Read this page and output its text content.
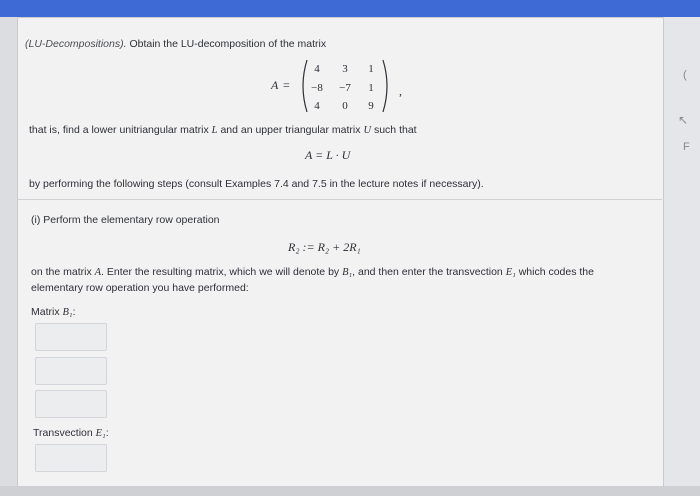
(
↖
F
(LU-Decompositions). Obtain the LU-decomposition of the matrix
A =
4	3	1
−8	−7	1
4	0	9
,
that is, find a lower unitriangular matrix L and an upper triangular matrix U such that
A = L · U
by performing the following steps (consult Examples 7.4 and 7.5 in the lecture notes if necessary).
(i) Perform the elementary row operation
R₂ := R₂ + 2R₁
on the matrix A. Enter the resulting matrix, which we will denote by B₁, and then enter the transvection E₁ which codes the
elementary row operation you have performed:
Matrix B₁:
Transvection E₁:
